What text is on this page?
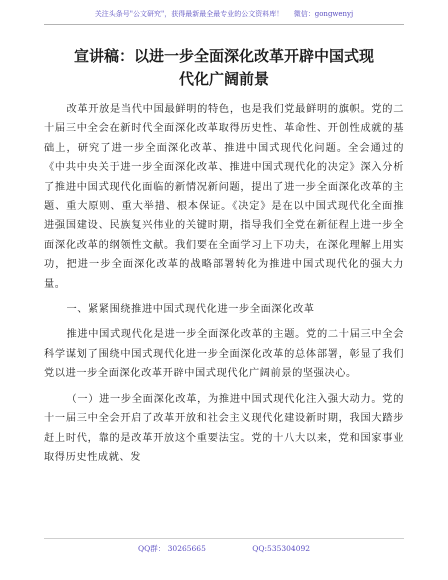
关注头条号"公文研究"，获得最新最全最专业的公文资料库！ 微信：gongwenyj
宣讲稿：以进一步全面深化改革开辟中国式现
代化广阔前景

改革开放是当代中国最鲜明的特色，也是我们党最鲜明的旗帜。党的二十届三中全会在新时代全面深化改革取得历史性、革命性、开创性成就的基础上，研究了进一步全面深化改革、推进中国式现代化问题。全会通过的《中共中央关于进一步全面深化改革、推进中国式现代化的决定》深入分析了推进中国式现代化面临的新情况新问题，提出了进一步全面深化改革的主题、重大原则、重大举措、根本保证。《决定》是在以中国式现代化全面推进强国建设、民族复兴伟业的关键时期，指导我们全党在新征程上进一步全面深化改革的纲领性文献。我们要在全面学习上下功夫，在深化理解上用实功，把进一步全面深化改革的战略部署转化为推进中国式现代化的强大力量。

一、紧紧围绕推进中国式现代化进一步全面深化改革

推进中国式现代化是进一步全面深化改革的主题。党的二十届三中全会科学谋划了围绕中国式现代化进一步全面深化改革的总体部署，彰显了我们党以进一步全面深化改革开辟中国式现代化广阔前景的坚强决心。

（一）进一步全面深化改革，为推进中国式现代化注入强大动力。党的十一届三中全会开启了改革开放和社会主义现代化建设新时期，我国大踏步赶上时代，靠的是改革开放这个重要法宝。党的十八大以来，党和国家事业取得历史性成就、发

QQ群： 30265665	QQ:535304092
